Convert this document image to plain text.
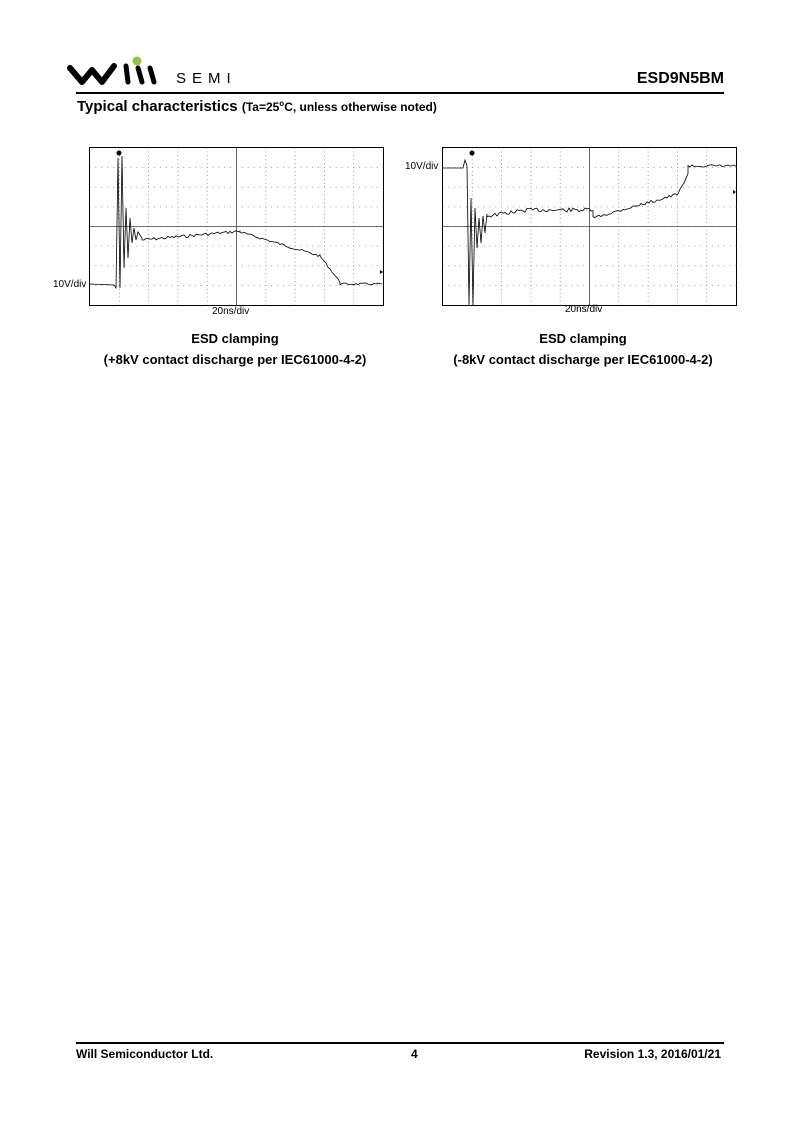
SEMI	ESD9N5BM
Typical characteristics ($Ta=25^oC$, unless otherwise noted)
10V/div
20ns/div
ESD clamping
(+8kV contact discharge per IEC61000-4-2)
10V/div
20ns/div
ESD clamping
(-8kV contact discharge per IEC61000-4-2)
Will Semiconductor Ltd.	4	Revision 1.3, 2016/01/21
